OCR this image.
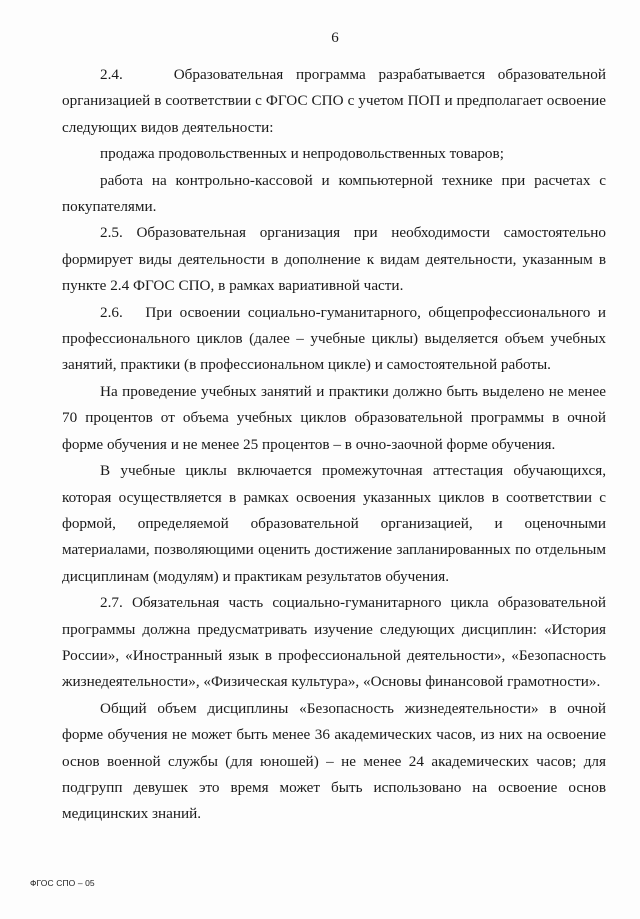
6

2.4.    Образовательная программа разрабатывается образовательной организацией в соответствии с ФГОС СПО с учетом ПОП и предполагает освоение следующих видов деятельности:

продажа продовольственных и непродовольственных товаров;

работа на контрольно-кассовой и компьютерной технике при расчетах с покупателями.

2.5. Образовательная организация при необходимости самостоятельно формирует виды деятельности в дополнение к видам деятельности, указанным в пункте 2.4 ФГОС СПО, в рамках вариативной части.

2.6.   При освоении социально-гуманитарного, общепрофессионального и профессионального циклов (далее – учебные циклы) выделяется объем учебных занятий, практики (в профессиональном цикле) и самостоятельной работы.

На проведение учебных занятий и практики должно быть выделено не менее 70 процентов от объема учебных циклов образовательной программы в очной форме обучения и не менее 25 процентов – в очно-заочной форме обучения.

В учебные циклы включается промежуточная аттестация обучающихся, которая осуществляется в рамках освоения указанных циклов в соответствии с формой, определяемой образовательной организацией, и оценочными материалами, позволяющими оценить достижение запланированных по отдельным дисциплинам (модулям) и практикам результатов обучения.

2.7. Обязательная часть социально-гуманитарного цикла образовательной программы должна предусматривать изучение следующих дисциплин: «История России», «Иностранный язык в профессиональной деятельности», «Безопасность жизнедеятельности», «Физическая культура», «Основы финансовой грамотности».

Общий объем дисциплины «Безопасность жизнедеятельности» в очной форме обучения не может быть менее 36 академических часов, из них на освоение основ военной службы (для юношей) – не менее 24 академических часов; для подгрупп девушек это время может быть использовано на освоение основ медицинских знаний.

ФГОС СПО – 05
